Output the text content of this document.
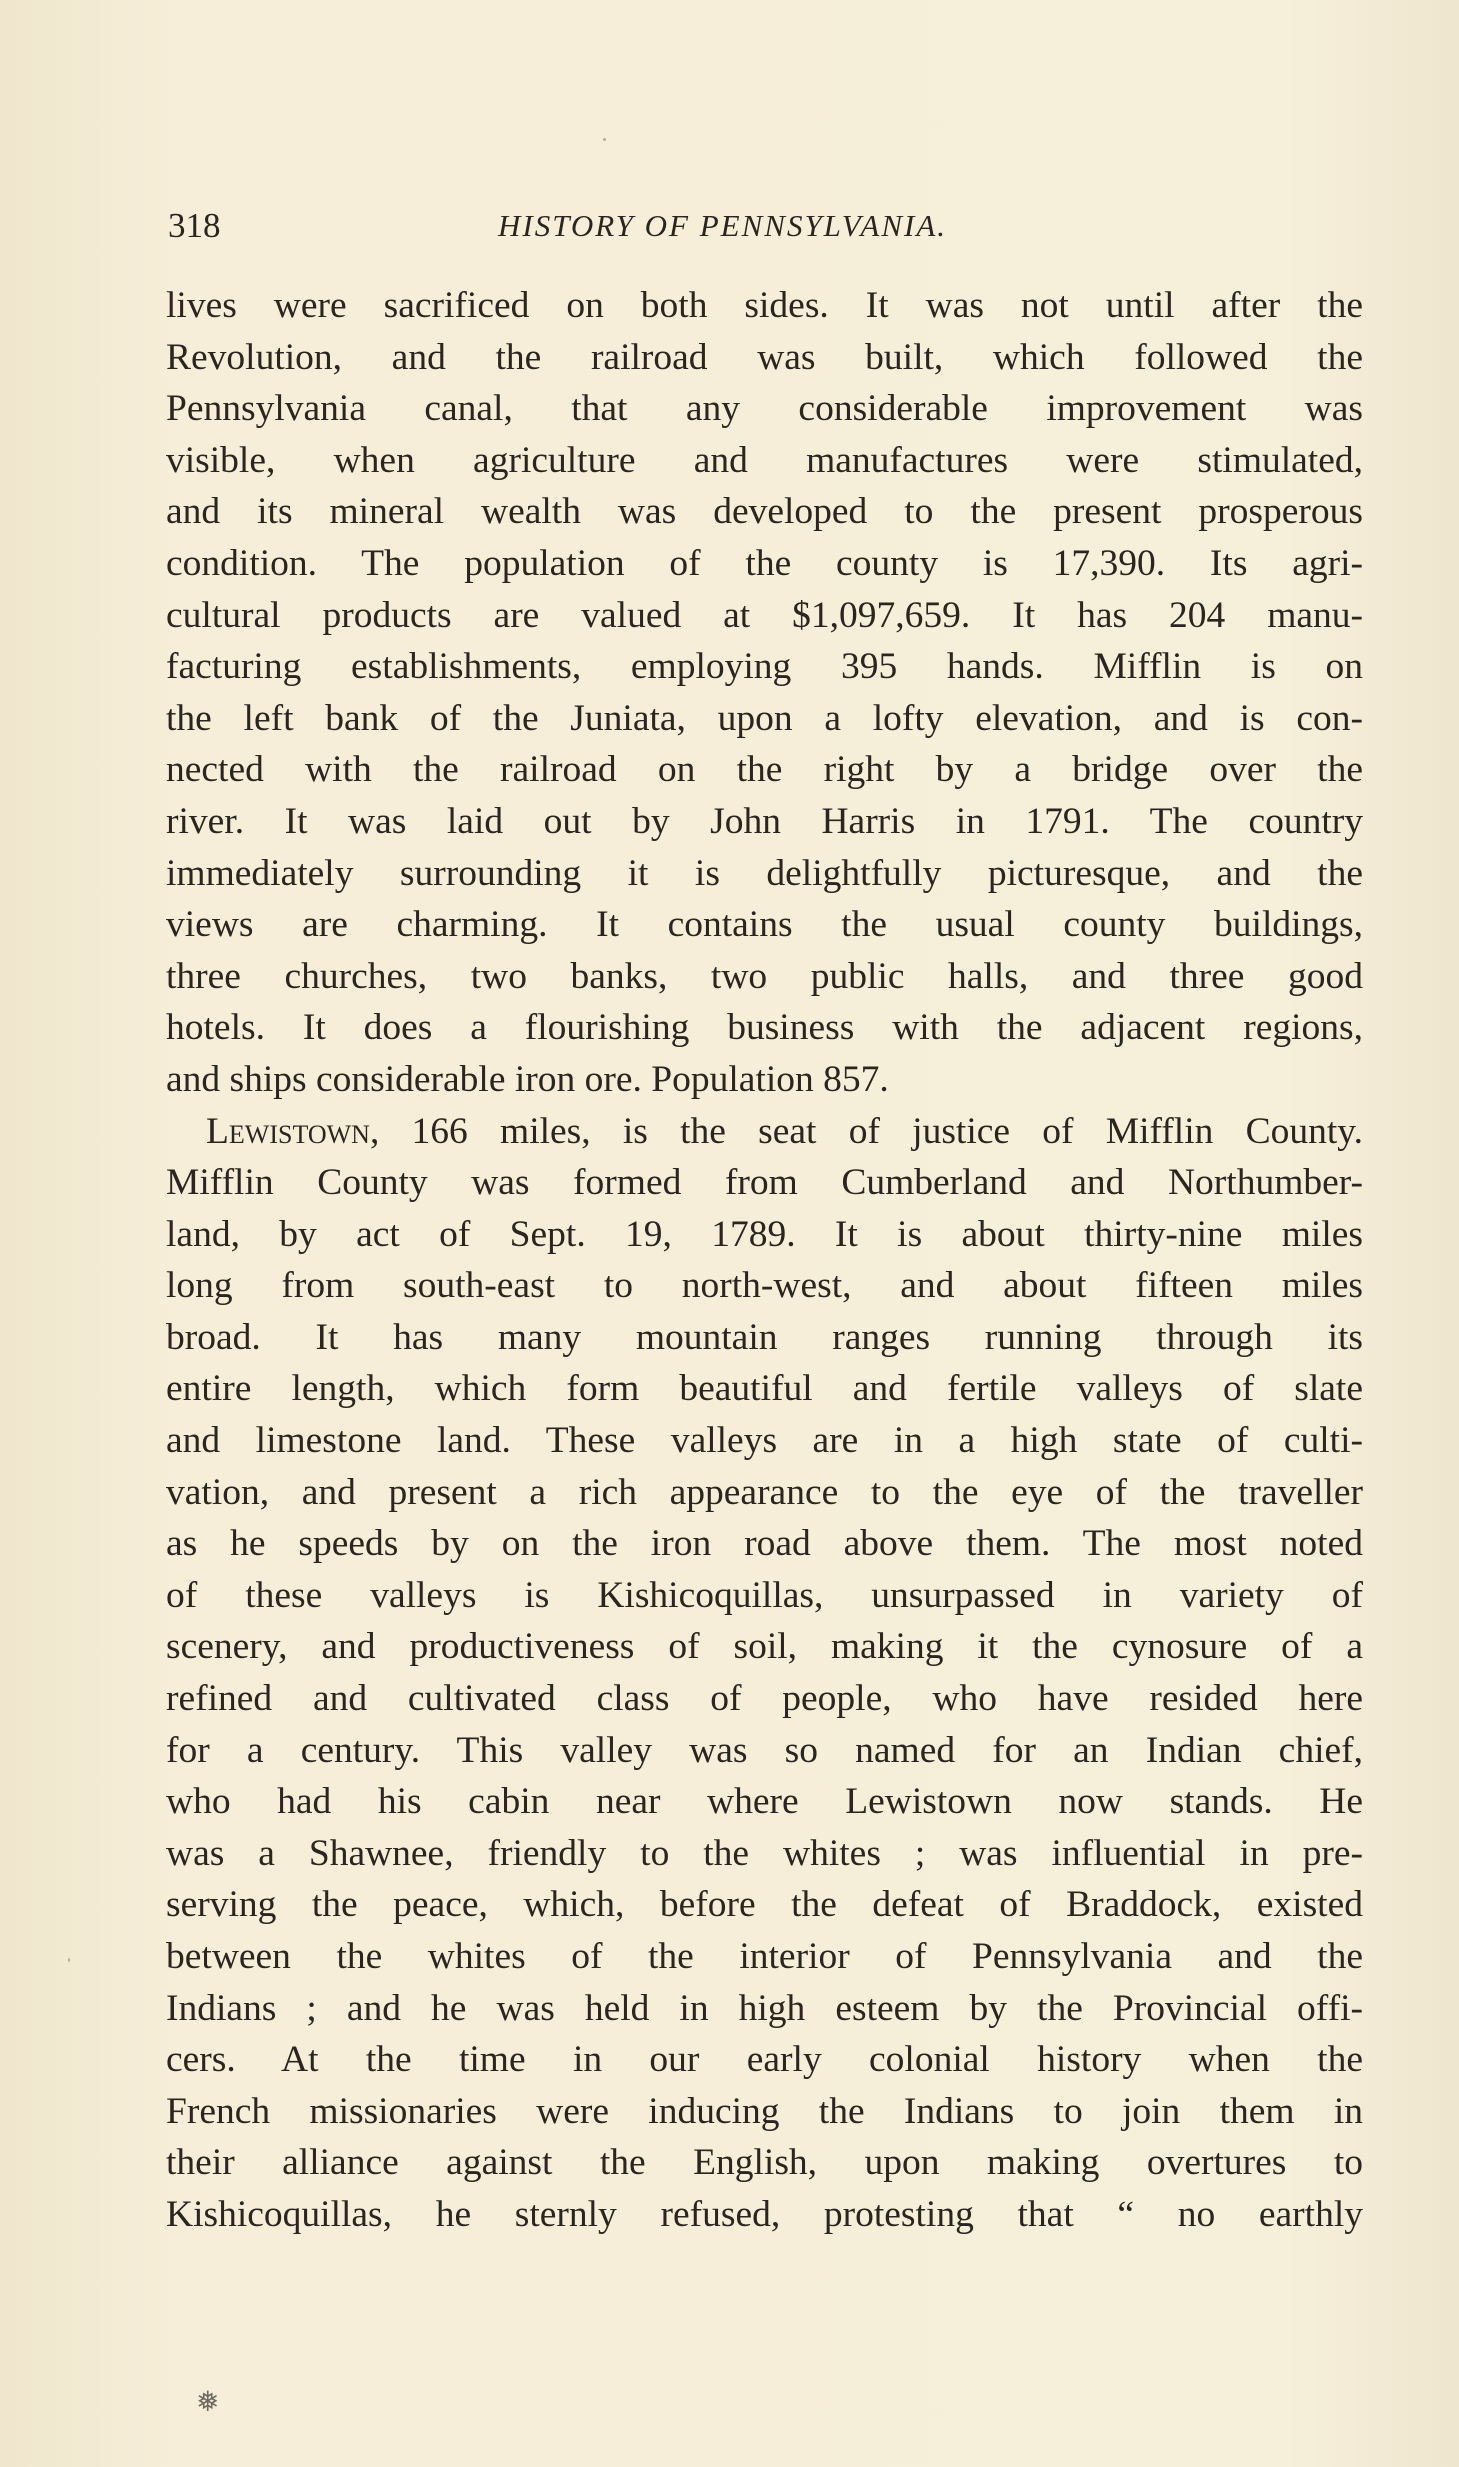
318	HISTORY OF PENNSYLVANIA.
lives were sacrificed on both sides. It was not until after the
Revolution, and the railroad was built, which followed the
Pennsylvania canal, that any considerable improvement was
visible, when agriculture and manufactures were stimulated,
and its mineral wealth was developed to the present prosperous
condition. The population of the county is 17,390. Its agri-
cultural products are valued at $1,097,659. It has 204 manu-
facturing establishments, employing 395 hands. Mifflin is on
the left bank of the Juniata, upon a lofty elevation, and is con-
nected with the railroad on the right by a bridge over the
river. It was laid out by John Harris in 1791. The country
immediately surrounding it is delightfully picturesque, and the
views are charming. It contains the usual county buildings,
three churches, two banks, two public halls, and three good
hotels. It does a flourishing business with the adjacent regions,
and ships considerable iron ore. Population 857.
Lewistown, 166 miles, is the seat of justice of Mifflin County.
Mifflin County was formed from Cumberland and Northumber-
land, by act of Sept. 19, 1789. It is about thirty-nine miles
long from south-east to north-west, and about fifteen miles
broad. It has many mountain ranges running through its
entire length, which form beautiful and fertile valleys of slate
and limestone land. These valleys are in a high state of culti-
vation, and present a rich appearance to the eye of the traveller
as he speeds by on the iron road above them. The most noted
of these valleys is Kishicoquillas, unsurpassed in variety of
scenery, and productiveness of soil, making it the cynosure of a
refined and cultivated class of people, who have resided here
for a century. This valley was so named for an Indian chief,
who had his cabin near where Lewistown now stands. He
was a Shawnee, friendly to the whites ; was influential in pre-
serving the peace, which, before the defeat of Braddock, existed
between the whites of the interior of Pennsylvania and the
Indians ; and he was held in high esteem by the Provincial offi-
cers. At the time in our early colonial history when the
French missionaries were inducing the Indians to join them in
their alliance against the English, upon making overtures to
Kishicoquillas, he sternly refused, protesting that “ no earthly
❅
